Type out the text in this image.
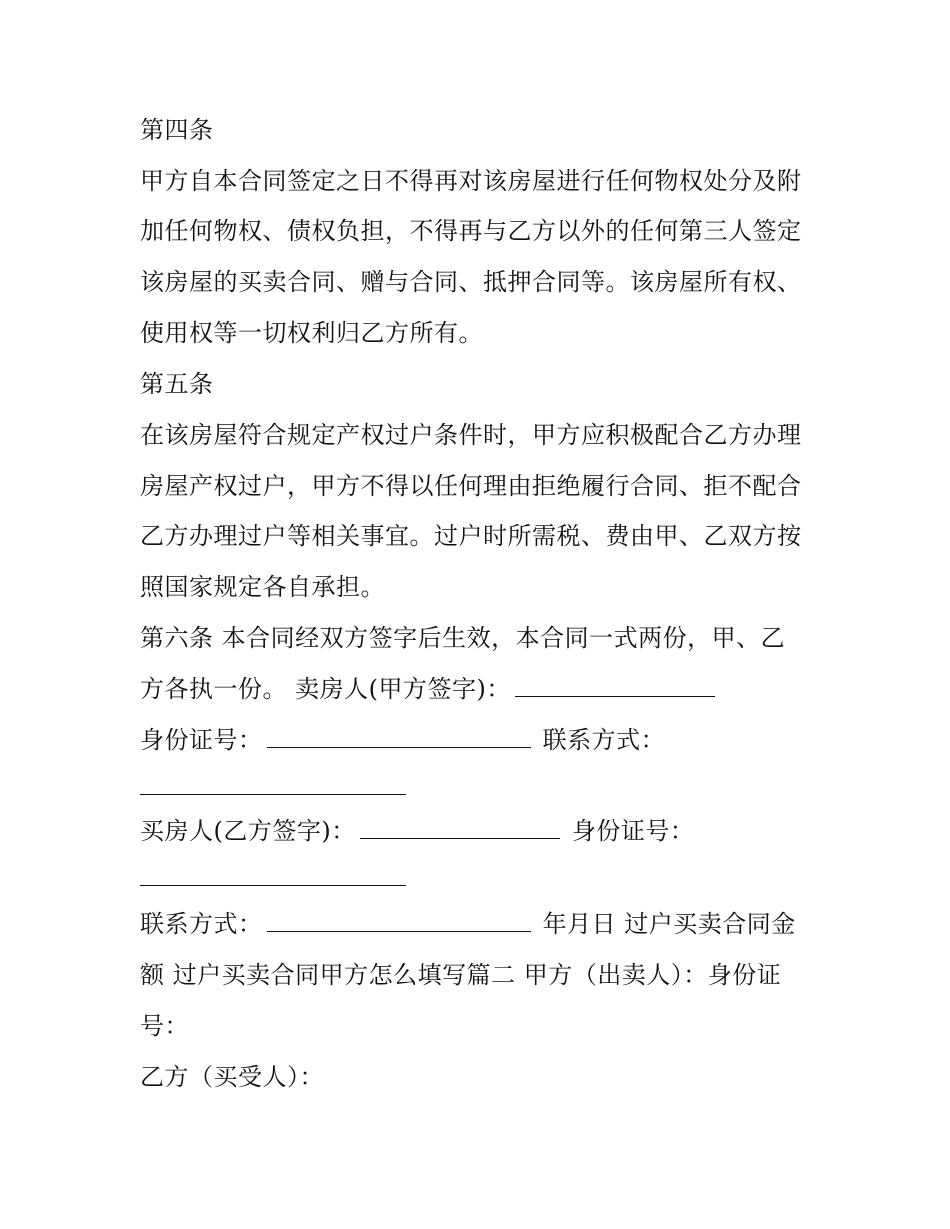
第四条
甲方自本合同签定之日不得再对该房屋进行任何物权处分及附
加任何物权、债权负担，不得再与乙方以外的任何第三人签定
该房屋的买卖合同、赠与合同、抵押合同等。该房屋所有权、
使用权等一切权利归乙方所有。
第五条
在该房屋符合规定产权过户条件时，甲方应积极配合乙方办理
房屋产权过户，甲方不得以任何理由拒绝履行合同、拒不配合
乙方办理过户等相关事宜。过户时所需税、费由甲、乙双方按
照国家规定各自承担。
第六条 本合同经双方签字后生效，本合同一式两份，甲、乙
方各执一份。 卖房人(甲方签字)：
身份证号：	联系方式：
买房人(乙方签字)：	身份证号：
联系方式：	年月日 过户买卖合同金
额 过户买卖合同甲方怎么填写篇二 甲方（出卖人）：身份证
号：
乙方（买受人）：
